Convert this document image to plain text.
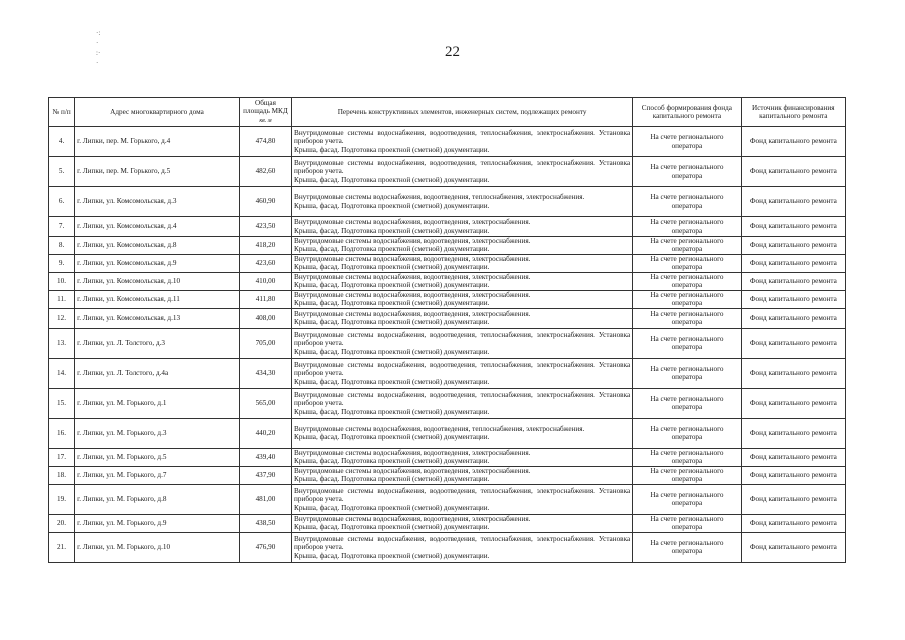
·:
·
:·
·
22
№ п/п	Адрес многоквартирного дома	Общая площадь МКД
кв. м	Перечень конструктивных элементов, инженерных систем, подлежащих ремонту	Способ формирования фонда капитального ремонта	Источник финансирования капитального ремонта
4.	г. Липки, пер. М. Горького, д.4	474,80	Внутридомовые системы водоснабжения, водоотведения, теплоснабжения, электроснабжения. Установка приборов учета.
Крыша, фасад. Подготовка проектной (сметной) документации.	На счете регионального оператора	Фонд капитального ремонта
5.	г. Липки, пер. М. Горького, д.5	482,60	Внутридомовые системы водоснабжения, водоотведения, теплоснабжения, электроснабжения. Установка приборов учета.
Крыша, фасад. Подготовка проектной (сметной) документации.	На счете регионального оператора	Фонд капитального ремонта
6.	г. Липки, ул. Комсомольская, д.3	460,90	Внутридомовые системы водоснабжения, водоотведения, теплоснабжения, электроснабжения.
Крыша, фасад. Подготовка проектной (сметной) документации.	На счете регионального оператора	Фонд капитального ремонта
7.	г. Липки, ул. Комсомольская, д.4	423,50	Внутридомовые системы водоснабжения, водоотведения, электроснабжения.
Крыша, фасад. Подготовка проектной (сметной) документации.	На счете регионального оператора	Фонд капитального ремонта
8.	г. Липки, ул. Комсомольская, д.8	418,20	Внутридомовые системы водоснабжения, водоотведения, электроснабжения.
Крыша, фасад. Подготовка проектной (сметной) документации.	На счете регионального оператора	Фонд капитального ремонта
9.	г. Липки, ул. Комсомольская, д.9	423,60	Внутридомовые системы водоснабжения, водоотведения, электроснабжения.
Крыша, фасад. Подготовка проектной (сметной) документации.	На счете регионального оператора	Фонд капитального ремонта
10.	г. Липки, ул. Комсомольская, д.10	410,00	Внутридомовые системы водоснабжения, водоотведения, электроснабжения.
Крыша, фасад. Подготовка проектной (сметной) документации.	На счете регионального оператора	Фонд капитального ремонта
11.	г. Липки, ул. Комсомольская, д.11	411,80	Внутридомовые системы водоснабжения, водоотведения, электроснабжения.
Крыша, фасад. Подготовка проектной (сметной) документации.	На счете регионального оператора	Фонд капитального ремонта
12.	г. Липки, ул. Комсомольская, д.13	408,00	Внутридомовые системы водоснабжения, водоотведения, электроснабжения.
Крыша, фасад. Подготовка проектной (сметной) документации.	На счете регионального оператора	Фонд капитального ремонта
13.	г. Липки, ул. Л. Толстого, д.3	705,00	Внутридомовые системы водоснабжения, водоотведения, теплоснабжения, электроснабжения. Установка приборов учета.
Крыша, фасад. Подготовка проектной (сметной) документации.	На счете регионального оператора	Фонд капитального ремонта
14.	г. Липки, ул. Л. Толстого, д.4а	434,30	Внутридомовые системы водоснабжения, водоотведения, теплоснабжения, электроснабжения. Установка приборов учета.
Крыша, фасад. Подготовка проектной (сметной) документации.	На счете регионального оператора	Фонд капитального ремонта
15.	г. Липки, ул. М. Горького, д.1	565,00	Внутридомовые системы водоснабжения, водоотведения, теплоснабжения, электроснабжения. Установка приборов учета.
Крыша, фасад. Подготовка проектной (сметной) документации.	На счете регионального оператора	Фонд капитального ремонта
16.	г. Липки, ул. М. Горького, д.3	440,20	Внутридомовые системы водоснабжения, водоотведения, теплоснабжения, электроснабжения.
Крыша, фасад. Подготовка проектной (сметной) документации.	На счете регионального оператора	Фонд капитального ремонта
17.	г. Липки, ул. М. Горького, д.5	439,40	Внутридомовые системы водоснабжения, водоотведения, электроснабжения.
Крыша, фасад. Подготовка проектной (сметной) документации.	На счете регионального оператора	Фонд капитального ремонта
18.	г. Липки, ул. М. Горького, д.7	437,90	Внутридомовые системы водоснабжения, водоотведения, электроснабжения.
Крыша, фасад. Подготовка проектной (сметной) документации.	На счете регионального оператора	Фонд капитального ремонта
19.	г. Липки, ул. М. Горького, д.8	481,00	Внутридомовые системы водоснабжения, водоотведения, теплоснабжения, электроснабжения. Установка приборов учета.
Крыша, фасад. Подготовка проектной (сметной) документации.	На счете регионального оператора	Фонд капитального ремонта
20.	г. Липки, ул. М. Горького, д.9	438,50	Внутридомовые системы водоснабжения, водоотведения, электроснабжения.
Крыша, фасад. Подготовка проектной (сметной) документации.	На счете регионального оператора	Фонд капитального ремонта
21.	г. Липки, ул. М. Горького, д.10	476,90	Внутридомовые системы водоснабжения, водоотведения, теплоснабжения, электроснабжения. Установка приборов учета.
Крыша, фасад. Подготовка проектной (сметной) документации.	На счете регионального оператора	Фонд капитального ремонта
